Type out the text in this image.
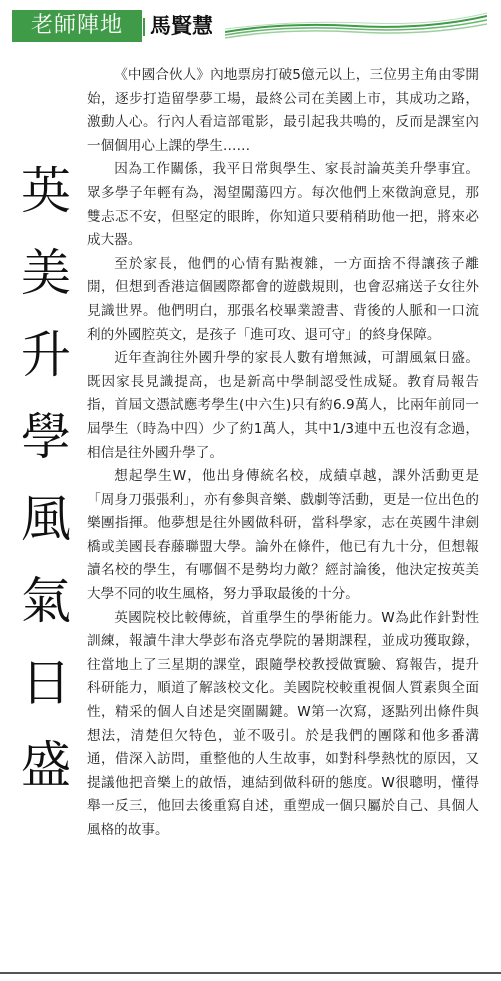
老師陣地	馬賢慧
英
美
升
學
風
氣
日
盛

《中國合伙人》內地票房打破5億元以上，三位男主角由零開始，逐步打造留學夢工場，最終公司在美國上市，其成功之路，激動人心。行內人看這部電影，最引起我共鳴的，反而是課室內一個個用心上課的學生……

因為工作關係，我平日常與學生、家長討論英美升學事宜。眾多學子年輕有為，渴望闖蕩四方。每次他們上來徵詢意見，那雙忐忑不安，但堅定的眼眸，你知道只要稍稍助他一把，將來必成大器。

至於家長，他們的心情有點複雜，一方面捨不得讓孩子離開，但想到香港這個國際都會的遊戲規則，也會忍痛送子女往外見識世界。他們明白，那張名校畢業證書、背後的人脈和一口流利的外國腔英文，是孩子「進可攻、退可守」的終身保障。

近年查詢往外國升學的家長人數有增無減，可謂風氣日盛。既因家長見識提高，也是新高中學制認受性成疑。教育局報告指，首屆文憑試應考學生(中六生)只有約6.9萬人，比兩年前同一屆學生（時為中四）少了約1萬人，其中1/3連中五也沒有念過，相信是往外國升學了。

想起學生W，他出身傳統名校，成績卓越，課外活動更是「周身刀張張利」，亦有參與音樂、戲劇等活動，更是一位出色的樂團指揮。他夢想是往外國做科研，當科學家，志在英國牛津劍橋或美國長春藤聯盟大學。論外在條件，他已有九十分，但想報讀名校的學生，有哪個不是勢均力敵？經討論後，他決定按英美大學不同的收生風格，努力爭取最後的十分。

英國院校比較傳統，首重學生的學術能力。W為此作針對性訓練，報讀牛津大學彭布洛克學院的暑期課程，並成功獲取錄，往當地上了三星期的課堂，跟隨學校教授做實驗、寫報告，提升科研能力，順道了解該校文化。美國院校較重視個人質素與全面性，精采的個人自述是突圍關鍵。W第一次寫，逐點列出條件與想法，清楚但欠特色，並不吸引。於是我們的團隊和他多番溝通，借深入訪問，重整他的人生故事，如對科學熱忱的原因，又提議他把音樂上的啟悟，連結到做科研的態度。W很聰明，懂得舉一反三，他回去後重寫自述，重塑成一個只屬於自己、具個人風格的故事。
